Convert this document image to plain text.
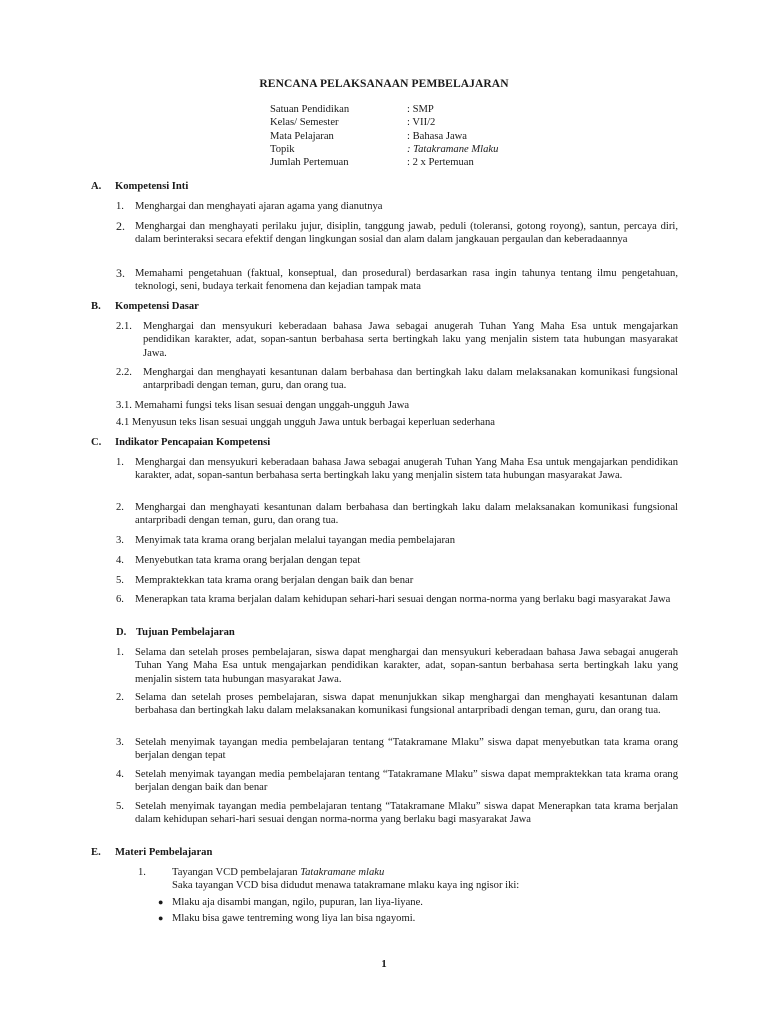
RENCANA PELAKSANAAN PEMBELAJARAN
Satuan Pendidikan	: SMP
Kelas/ Semester	: VII/2
Mata Pelajaran	: Bahasa Jawa
Topik	: Tatakramane Mlaku
Jumlah Pertemuan	: 2 x Pertemuan
A. Kompetensi Inti
1. Menghargai dan menghayati ajaran agama yang dianutnya
2. Menghargai dan menghayati perilaku jujur, disiplin, tanggung jawab, peduli (toleransi, gotong royong), santun, percaya diri, dalam berinteraksi secara efektif dengan lingkungan sosial dan alam dalam jangkauan pergaulan dan keberadaannya
3. Memahami pengetahuan (faktual, konseptual, dan prosedural) berdasarkan rasa ingin tahunya tentang ilmu pengetahuan, teknologi, seni, budaya terkait fenomena dan kejadian tampak mata
B. Kompetensi Dasar
2.1. Menghargai dan mensyukuri keberadaan bahasa Jawa sebagai anugerah Tuhan Yang Maha Esa untuk mengajarkan pendidikan karakter, adat, sopan-santun berbahasa serta bertingkah laku yang menjalin sistem tata hubungan masyarakat Jawa.
2.2. Menghargai dan menghayati kesantunan dalam berbahasa dan bertingkah laku dalam melaksanakan komunikasi fungsional antarpribadi dengan teman, guru, dan orang tua.
3.1. Memahami fungsi teks lisan sesuai dengan unggah-ungguh Jawa
4.1 Menyusun teks lisan sesuai unggah ungguh Jawa untuk berbagai keperluan sederhana
C. Indikator Pencapaian Kompetensi
1. Menghargai dan mensyukuri keberadaan bahasa Jawa sebagai anugerah Tuhan Yang Maha Esa untuk mengajarkan pendidikan karakter, adat, sopan-santun berbahasa serta bertingkah laku yang menjalin sistem tata hubungan masyarakat Jawa.
2. Menghargai dan menghayati kesantunan dalam berbahasa dan bertingkah laku dalam melaksanakan komunikasi fungsional antarpribadi dengan teman, guru, dan orang tua.
3. Menyimak tata krama orang berjalan melalui tayangan media pembelajaran
4. Menyebutkan tata krama orang berjalan dengan tepat
5. Mempraktekkan tata krama orang berjalan dengan baik dan benar
6. Menerapkan tata krama berjalan dalam kehidupan sehari-hari sesuai dengan norma-norma yang berlaku bagi masyarakat Jawa
D. Tujuan Pembelajaran
1. Selama dan setelah proses pembelajaran, siswa dapat menghargai dan mensyukuri keberadaan bahasa Jawa sebagai anugerah Tuhan Yang Maha Esa untuk mengajarkan pendidikan karakter, adat, sopan-santun berbahasa serta bertingkah laku yang menjalin sistem tata hubungan masyarakat Jawa.
2. Selama dan setelah proses pembelajaran, siswa dapat menunjukkan sikap menghargai dan menghayati kesantunan dalam berbahasa dan bertingkah laku dalam melaksanakan komunikasi fungsional antarpribadi dengan teman, guru, dan orang tua.
3. Setelah menyimak tayangan media pembelajaran tentang “Tatakramane Mlaku” siswa dapat menyebutkan tata krama orang berjalan dengan tepat
4. Setelah menyimak tayangan media pembelajaran tentang “Tatakramane Mlaku” siswa dapat mempraktekkan tata krama orang berjalan dengan baik dan benar
5. Setelah menyimak tayangan media pembelajaran tentang “Tatakramane Mlaku” siswa dapat Menerapkan tata krama berjalan dalam kehidupan sehari-hari sesuai dengan norma-norma yang berlaku bagi masyarakat Jawa
E. Materi Pembelajaran
1. Tayangan VCD pembelajaran Tatakramane mlaku
Saka tayangan VCD bisa didudut menawa tatakramane mlaku kaya ing ngisor iki:
● Mlaku aja disambi mangan, ngilo, pupuran, lan liya-liyane.
● Mlaku bisa gawe tentreming wong liya lan bisa ngayomi.
1
